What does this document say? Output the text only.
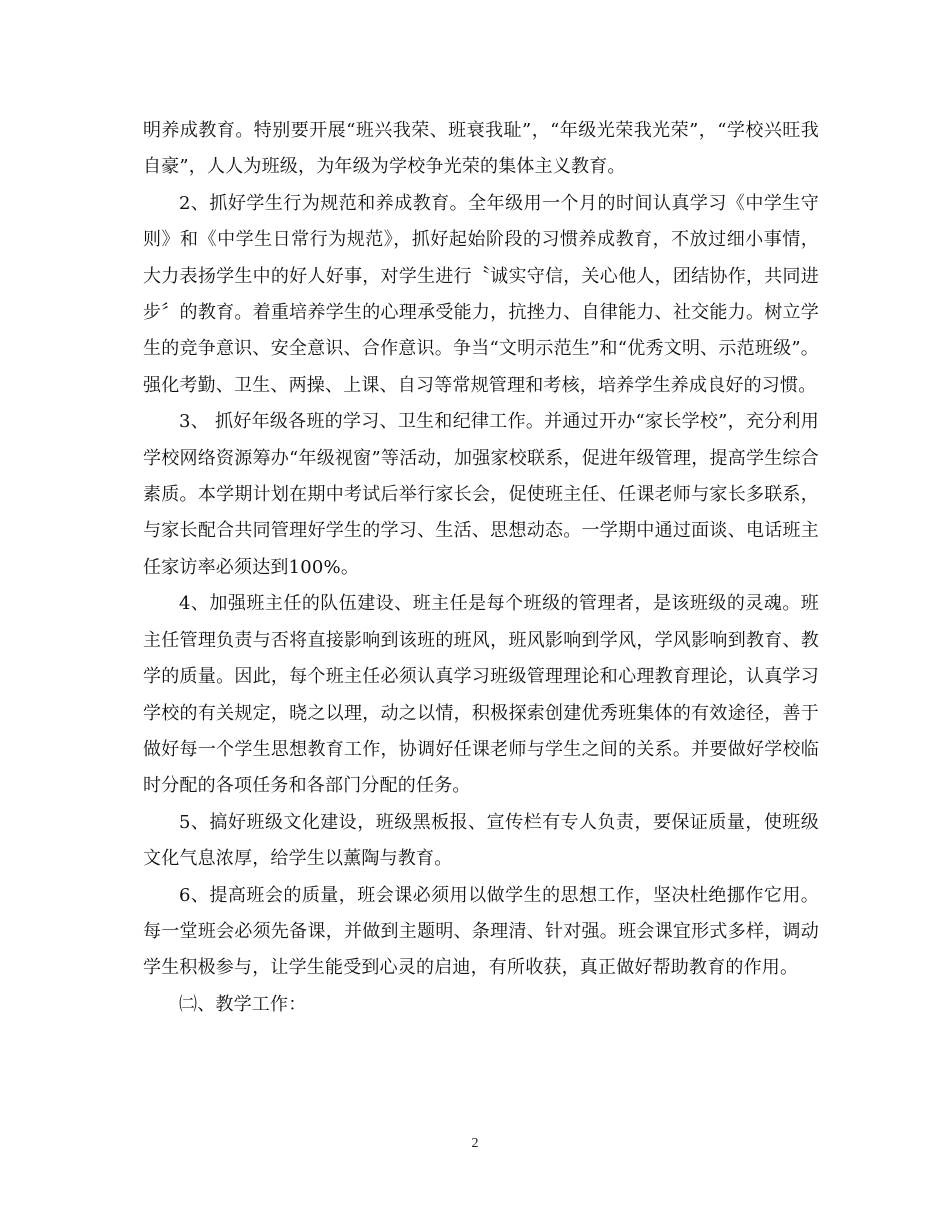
明养成教育。特别要开展“班兴我荣、班衰我耻”，“年级光荣我光荣”，“学校兴旺我自豪”，人人为班级，为年级为学校争光荣的集体主义教育。

2、抓好学生行为规范和养成教育。全年级用一个月的时间认真学习《中学生守则》和《中学生日常行为规范》，抓好起始阶段的习惯养成教育，不放过细小事情，大力表扬学生中的好人好事，对学生进行〝诚实守信，关心他人，团结协作，共同进步〞的教育。着重培养学生的心理承受能力，抗挫力、自律能力、社交能力。树立学生的竞争意识、安全意识、合作意识。争当“文明示范生”和“优秀文明、示范班级”。强化考勤、卫生、两操、上课、自习等常规管理和考核，培养学生养成良好的习惯。

3、 抓好年级各班的学习、卫生和纪律工作。并通过开办“家长学校”，充分利用学校网络资源筹办“年级视窗”等活动，加强家校联系，促进年级管理，提高学生综合素质。本学期计划在期中考试后举行家长会，促使班主任、任课老师与家长多联系，与家长配合共同管理好学生的学习、生活、思想动态。一学期中通过面谈、电话班主任家访率必须达到100%。

4、加强班主任的队伍建设、班主任是每个班级的管理者，是该班级的灵魂。班主任管理负责与否将直接影响到该班的班风，班风影响到学风，学风影响到教育、教学的质量。因此，每个班主任必须认真学习班级管理理论和心理教育理论，认真学习学校的有关规定，晓之以理，动之以情，积极探索创建优秀班集体的有效途径，善于做好每一个学生思想教育工作，协调好任课老师与学生之间的关系。并要做好学校临时分配的各项任务和各部门分配的任务。

5、搞好班级文化建设，班级黑板报、宣传栏有专人负责，要保证质量，使班级文化气息浓厚，给学生以薰陶与教育。

6、提高班会的质量，班会课必须用以做学生的思想工作，坚决杜绝挪作它用。每一堂班会必须先备课，并做到主题明、条理清、针对强。班会课宜形式多样，调动学生积极参与，让学生能受到心灵的启迪，有所收获，真正做好帮助教育的作用。

㈡、教学工作：

2
